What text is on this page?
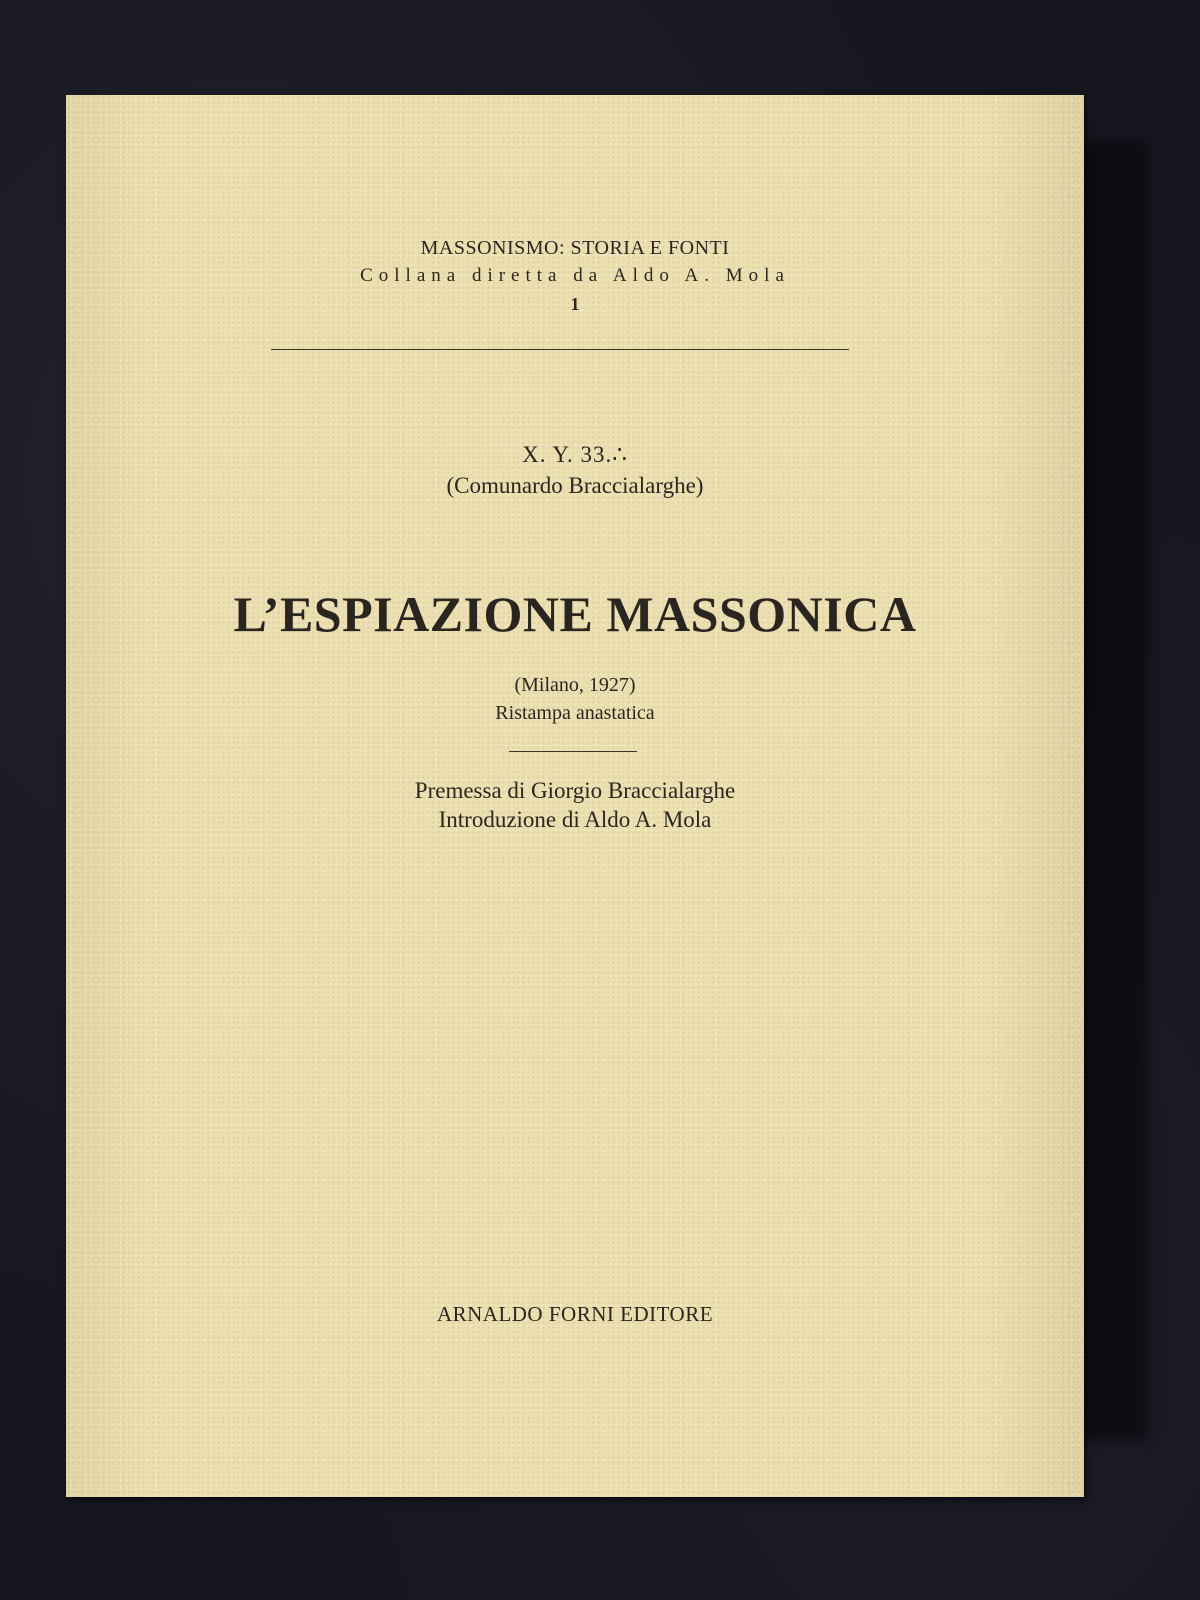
MASSONISMO: STORIA E FONTI
Collana diretta da Aldo A. Mola
1
X. Y. 33.∴
(Comunardo Braccialarghe)
L’ESPIAZIONE MASSONICA
(Milano, 1927)
Ristampa anastatica
Premessa di Giorgio Braccialarghe
Introduzione di Aldo A. Mola
ARNALDO FORNI EDITORE
